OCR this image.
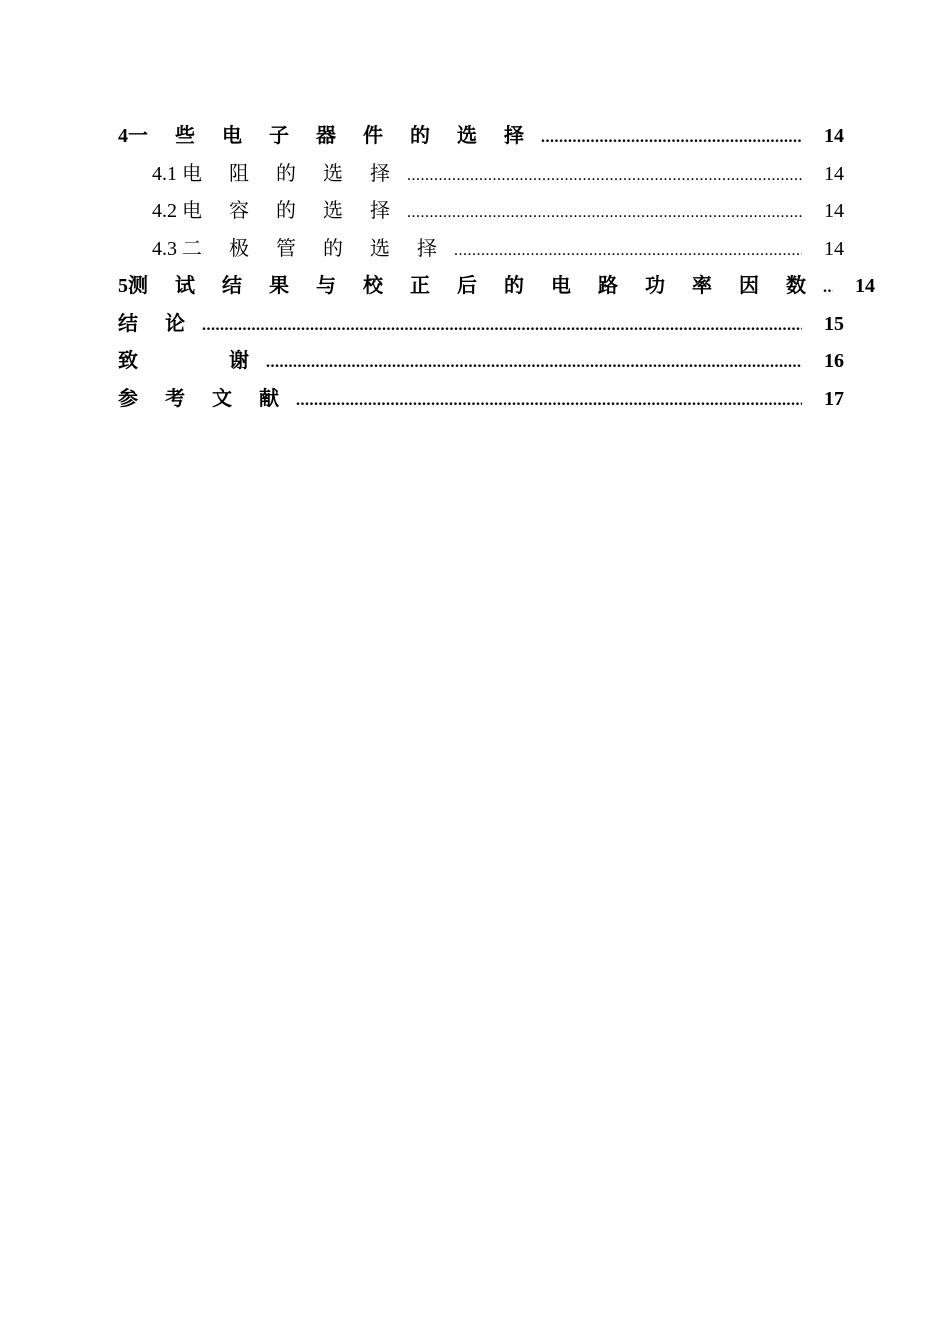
4一 些 电 子 器 件 的 选 择 .....	14
4.1 电 阻 的 选 择 .....	14
4.2 电 容 的 选 择 .....	14
4.3 二 极 管 的 选 择 .....	14
5测 试 结 果 与 校 正 后 的 电 路 功 率 因 数 .....	14
结 论 .....	15
致     谢 .....	16
参 考 文 献 .....	17
